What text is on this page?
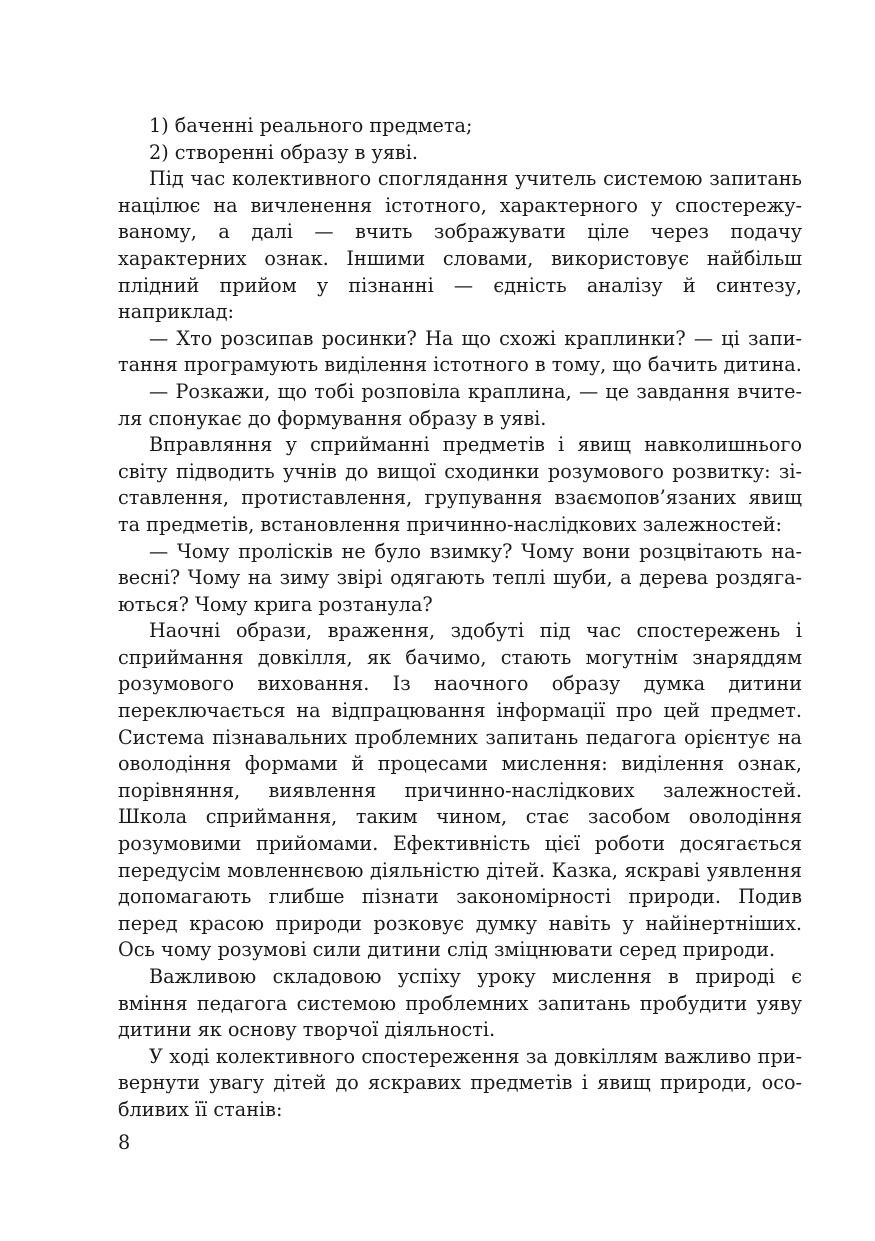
1) баченні реального предмета;

2) створенні образу в уяві.

Під час колективного споглядання учитель системою запитань націлює на вичленення істотного, характерного у спостережуваному, а далі — вчить зображувати ціле через подачу характерних ознак. Іншими словами, використовує найбільш плідний прийом у пізнанні — єдність аналізу й синтезу, наприклад:

— Хто розсипав росинки? На що схожі краплинки? — ці запитання програмують виділення істотного в тому, що бачить дитина.

— Розкажи, що тобі розповіла краплина, — це завдання вчителя спонукає до формування образу в уяві.

Вправляння у сприйманні предметів і явищ навколишнього світу підводить учнів до вищої сходинки розумового розвитку: зіставлення, протиставлення, групування взаємопов’язаних явищ та предметів, встановлення причинно-наслідкових залежностей:

— Чому пролісків не було взимку? Чому вони розцвітають навесні? Чому на зиму звірі одягають теплі шуби, а дерева роздягаються? Чому крига розтанула?

Наочні образи, враження, здобуті під час спостережень і сприймання довкілля, як бачимо, стають могутнім знаряддям розумового виховання. Із наочного образу думка дитини переключається на відпрацювання інформації про цей предмет. Система пізнавальних проблемних запитань педагога орієнтує на оволодіння формами й процесами мислення: виділення ознак, порівняння, виявлення причинно-наслідкових залежностей. Школа сприймання, таким чином, стає засобом оволодіння розумовими прийомами. Ефективність цієї роботи досягається передусім мовленнєвою діяльністю дітей. Казка, яскраві уявлення допомагають глибше пізнати закономірності природи. Подив перед красою природи розковує думку навіть у найінертніших. Ось чому розумові сили дитини слід зміцнювати серед природи.

Важливою складовою успіху уроку мислення в природі є вміння педагога системою проблемних запитань пробудити уяву дитини як основу творчої діяльності.

У ході колективного спостереження за довкіллям важливо привернути увагу дітей до яскравих предметів і явищ природи, особливих її станів:

8
